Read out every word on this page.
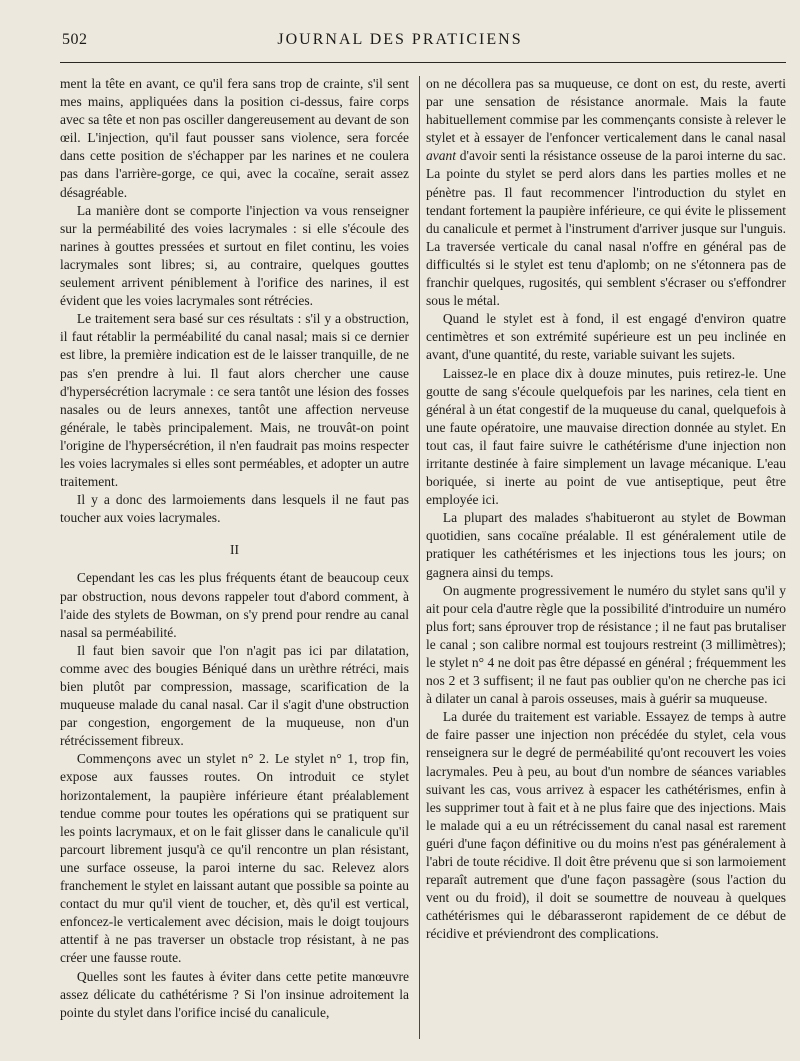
502	JOURNAL DES PRATICIENS

ment la tête en avant, ce qu'il fera sans trop de crainte, s'il sent mes mains, appliquées dans la position ci-dessus, faire corps avec sa tête et non pas osciller dangereusement au devant de son œil. L'injection, qu'il faut pousser sans violence, sera forcée dans cette position de s'échapper par les narines et ne coulera pas dans l'arrière-gorge, ce qui, avec la cocaïne, serait assez désagréable.

La manière dont se comporte l'injection va vous renseigner sur la perméabilité des voies lacrymales : si elle s'écoule des narines à gouttes pressées et surtout en filet continu, les voies lacrymales sont libres; si, au contraire, quelques gouttes seulement arrivent péniblement à l'orifice des narines, il est évident que les voies lacrymales sont rétrécies.

Le traitement sera basé sur ces résultats : s'il y a obstruction, il faut rétablir la perméabilité du canal nasal; mais si ce dernier est libre, la première indication est de le laisser tranquille, de ne pas s'en prendre à lui. Il faut alors chercher une cause d'hypersécrétion lacrymale : ce sera tantôt une lésion des fosses nasales ou de leurs annexes, tantôt une affection nerveuse générale, le tabès principalement. Mais, ne trouvât-on point l'origine de l'hypersécrétion, il n'en faudrait pas moins respecter les voies lacrymales si elles sont perméables, et adopter un autre traitement.

Il y a donc des larmoiements dans lesquels il ne faut pas toucher aux voies lacrymales.

II

Cependant les cas les plus fréquents étant de beaucoup ceux par obstruction, nous devons rappeler tout d'abord comment, à l'aide des stylets de Bowman, on s'y prend pour rendre au canal nasal sa perméabilité.

Il faut bien savoir que l'on n'agit pas ici par dilatation, comme avec des bougies Béniqué dans un urèthre rétréci, mais bien plutôt par compression, massage, scarification de la muqueuse malade du canal nasal. Car il s'agit d'une obstruction par congestion, engorgement de la muqueuse, non d'un rétrécissement fibreux.

Commençons avec un stylet n° 2. Le stylet n° 1, trop fin, expose aux fausses routes. On introduit ce stylet horizontalement, la paupière inférieure étant préalablement tendue comme pour toutes les opérations qui se pratiquent sur les points lacrymaux, et on le fait glisser dans le canalicule qu'il parcourt librement jusqu'à ce qu'il rencontre un plan résistant, une surface osseuse, la paroi interne du sac. Relevez alors franchement le stylet en laissant autant que possible sa pointe au contact du mur qu'il vient de toucher, et, dès qu'il est vertical, enfoncez-le verticalement avec décision, mais le doigt toujours attentif à ne pas traverser un obstacle trop résistant, à ne pas créer une fausse route.

Quelles sont les fautes à éviter dans cette petite manœuvre assez délicate du cathétérisme ? Si l'on insinue adroitement la pointe du stylet dans l'orifice incisé du canalicule,

on ne décollera pas sa muqueuse, ce dont on est, du reste, averti par une sensation de résistance anormale. Mais la faute habituellement commise par les commençants consiste à relever le stylet et à essayer de l'enfoncer verticalement dans le canal nasal avant d'avoir senti la résistance osseuse de la paroi interne du sac. La pointe du stylet se perd alors dans les parties molles et ne pénètre pas. Il faut recommencer l'introduction du stylet en tendant fortement la paupière inférieure, ce qui évite le plissement du canalicule et permet à l'instrument d'arriver jusque sur l'unguis. La traversée verticale du canal nasal n'offre en général pas de difficultés si le stylet est tenu d'aplomb; on ne s'étonnera pas de franchir quelques, rugosités, qui semblent s'écraser ou s'effondrer sous le métal.

Quand le stylet est à fond, il est engagé d'environ quatre centimètres et son extrémité supérieure est un peu inclinée en avant, d'une quantité, du reste, variable suivant les sujets.

Laissez-le en place dix à douze minutes, puis retirez-le. Une goutte de sang s'écoule quelquefois par les narines, cela tient en général à un état congestif de la muqueuse du canal, quelquefois à une faute opératoire, une mauvaise direction donnée au stylet. En tout cas, il faut faire suivre le cathétérisme d'une injection non irritante destinée à faire simplement un lavage mécanique. L'eau boriquée, si inerte au point de vue antiseptique, peut être employée ici.

La plupart des malades s'habitueront au stylet de Bowman quotidien, sans cocaïne préalable. Il est généralement utile de pratiquer les cathétérismes et les injections tous les jours; on gagnera ainsi du temps.

On augmente progressivement le numéro du stylet sans qu'il y ait pour cela d'autre règle que la possibilité d'introduire un numéro plus fort; sans éprouver trop de résistance ; il ne faut pas brutaliser le canal ; son calibre normal est toujours restreint (3 millimètres); le stylet n° 4 ne doit pas être dépassé en général ; fréquemment les nos 2 et 3 suffisent; il ne faut pas oublier qu'on ne cherche pas ici à dilater un canal à parois osseuses, mais à guérir sa muqueuse.

La durée du traitement est variable. Essayez de temps à autre de faire passer une injection non précédée du stylet, cela vous renseignera sur le degré de perméabilité qu'ont recouvert les voies lacrymales. Peu à peu, au bout d'un nombre de séances variables suivant les cas, vous arrivez à espacer les cathétérismes, enfin à les supprimer tout à fait et à ne plus faire que des injections. Mais le malade qui a eu un rétrécissement du canal nasal est rarement guéri d'une façon définitive ou du moins n'est pas généralement à l'abri de toute récidive. Il doit être prévenu que si son larmoiement reparaît autrement que d'une façon passagère (sous l'action du vent ou du froid), il doit se soumettre de nouveau à quelques cathétérismes qui le débarasseront rapidement de ce début de récidive et préviendront des complications.
